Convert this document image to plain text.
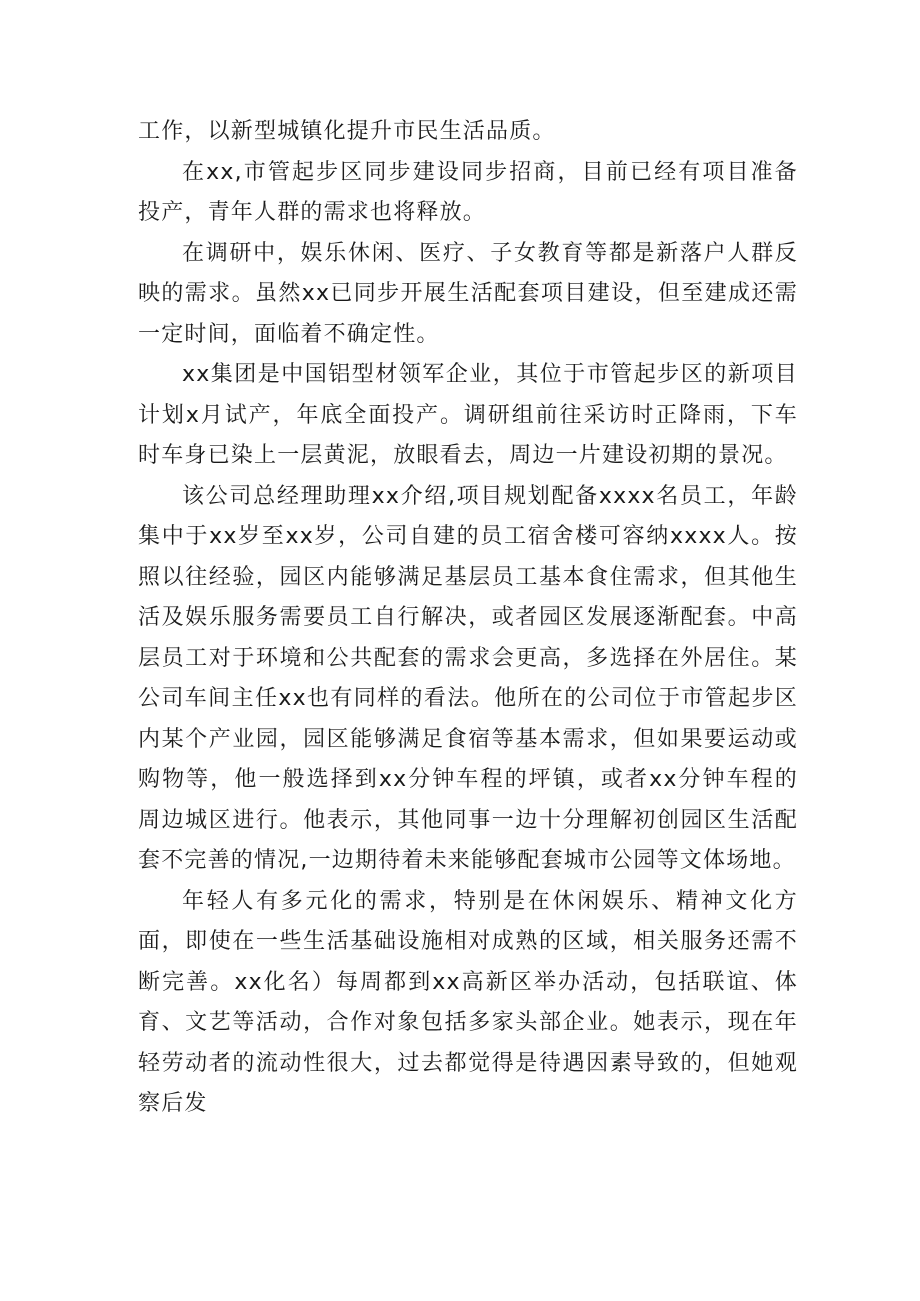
工作，以新型城镇化提升市民生活品质。

在xx,市管起步区同步建设同步招商，目前已经有项目准备投产，青年人群的需求也将释放。

在调研中，娱乐休闲、医疗、子女教育等都是新落户人群反映的需求。虽然xx已同步开展生活配套项目建设，但至建成还需一定时间，面临着不确定性。

xx集团是中国铝型材领军企业，其位于市管起步区的新项目计划x月试产，年底全面投产。调研组前往采访时正降雨，下车时车身已染上一层黄泥，放眼看去，周边一片建设初期的景况。

该公司总经理助理xx介绍,项目规划配备xxxx名员工，年龄集中于xx岁至xx岁，公司自建的员工宿舍楼可容纳xxxx人。按照以往经验，园区内能够满足基层员工基本食住需求，但其他生活及娱乐服务需要员工自行解决，或者园区发展逐渐配套。中高层员工对于环境和公共配套的需求会更高，多选择在外居住。某公司车间主任xx也有同样的看法。他所在的公司位于市管起步区内某个产业园，园区能够满足食宿等基本需求，但如果要运动或购物等，他一般选择到xx分钟车程的坪镇，或者xx分钟车程的周边城区进行。他表示，其他同事一边十分理解初创园区生活配套不完善的情况,一边期待着未来能够配套城市公园等文体场地。

年轻人有多元化的需求，特别是在休闲娱乐、精神文化方面，即使在一些生活基础设施相对成熟的区域，相关服务还需不断完善。xx化名）每周都到xx高新区举办活动，包括联谊、体育、文艺等活动，合作对象包括多家头部企业。她表示，现在年轻劳动者的流动性很大，过去都觉得是待遇因素导致的，但她观察后发
